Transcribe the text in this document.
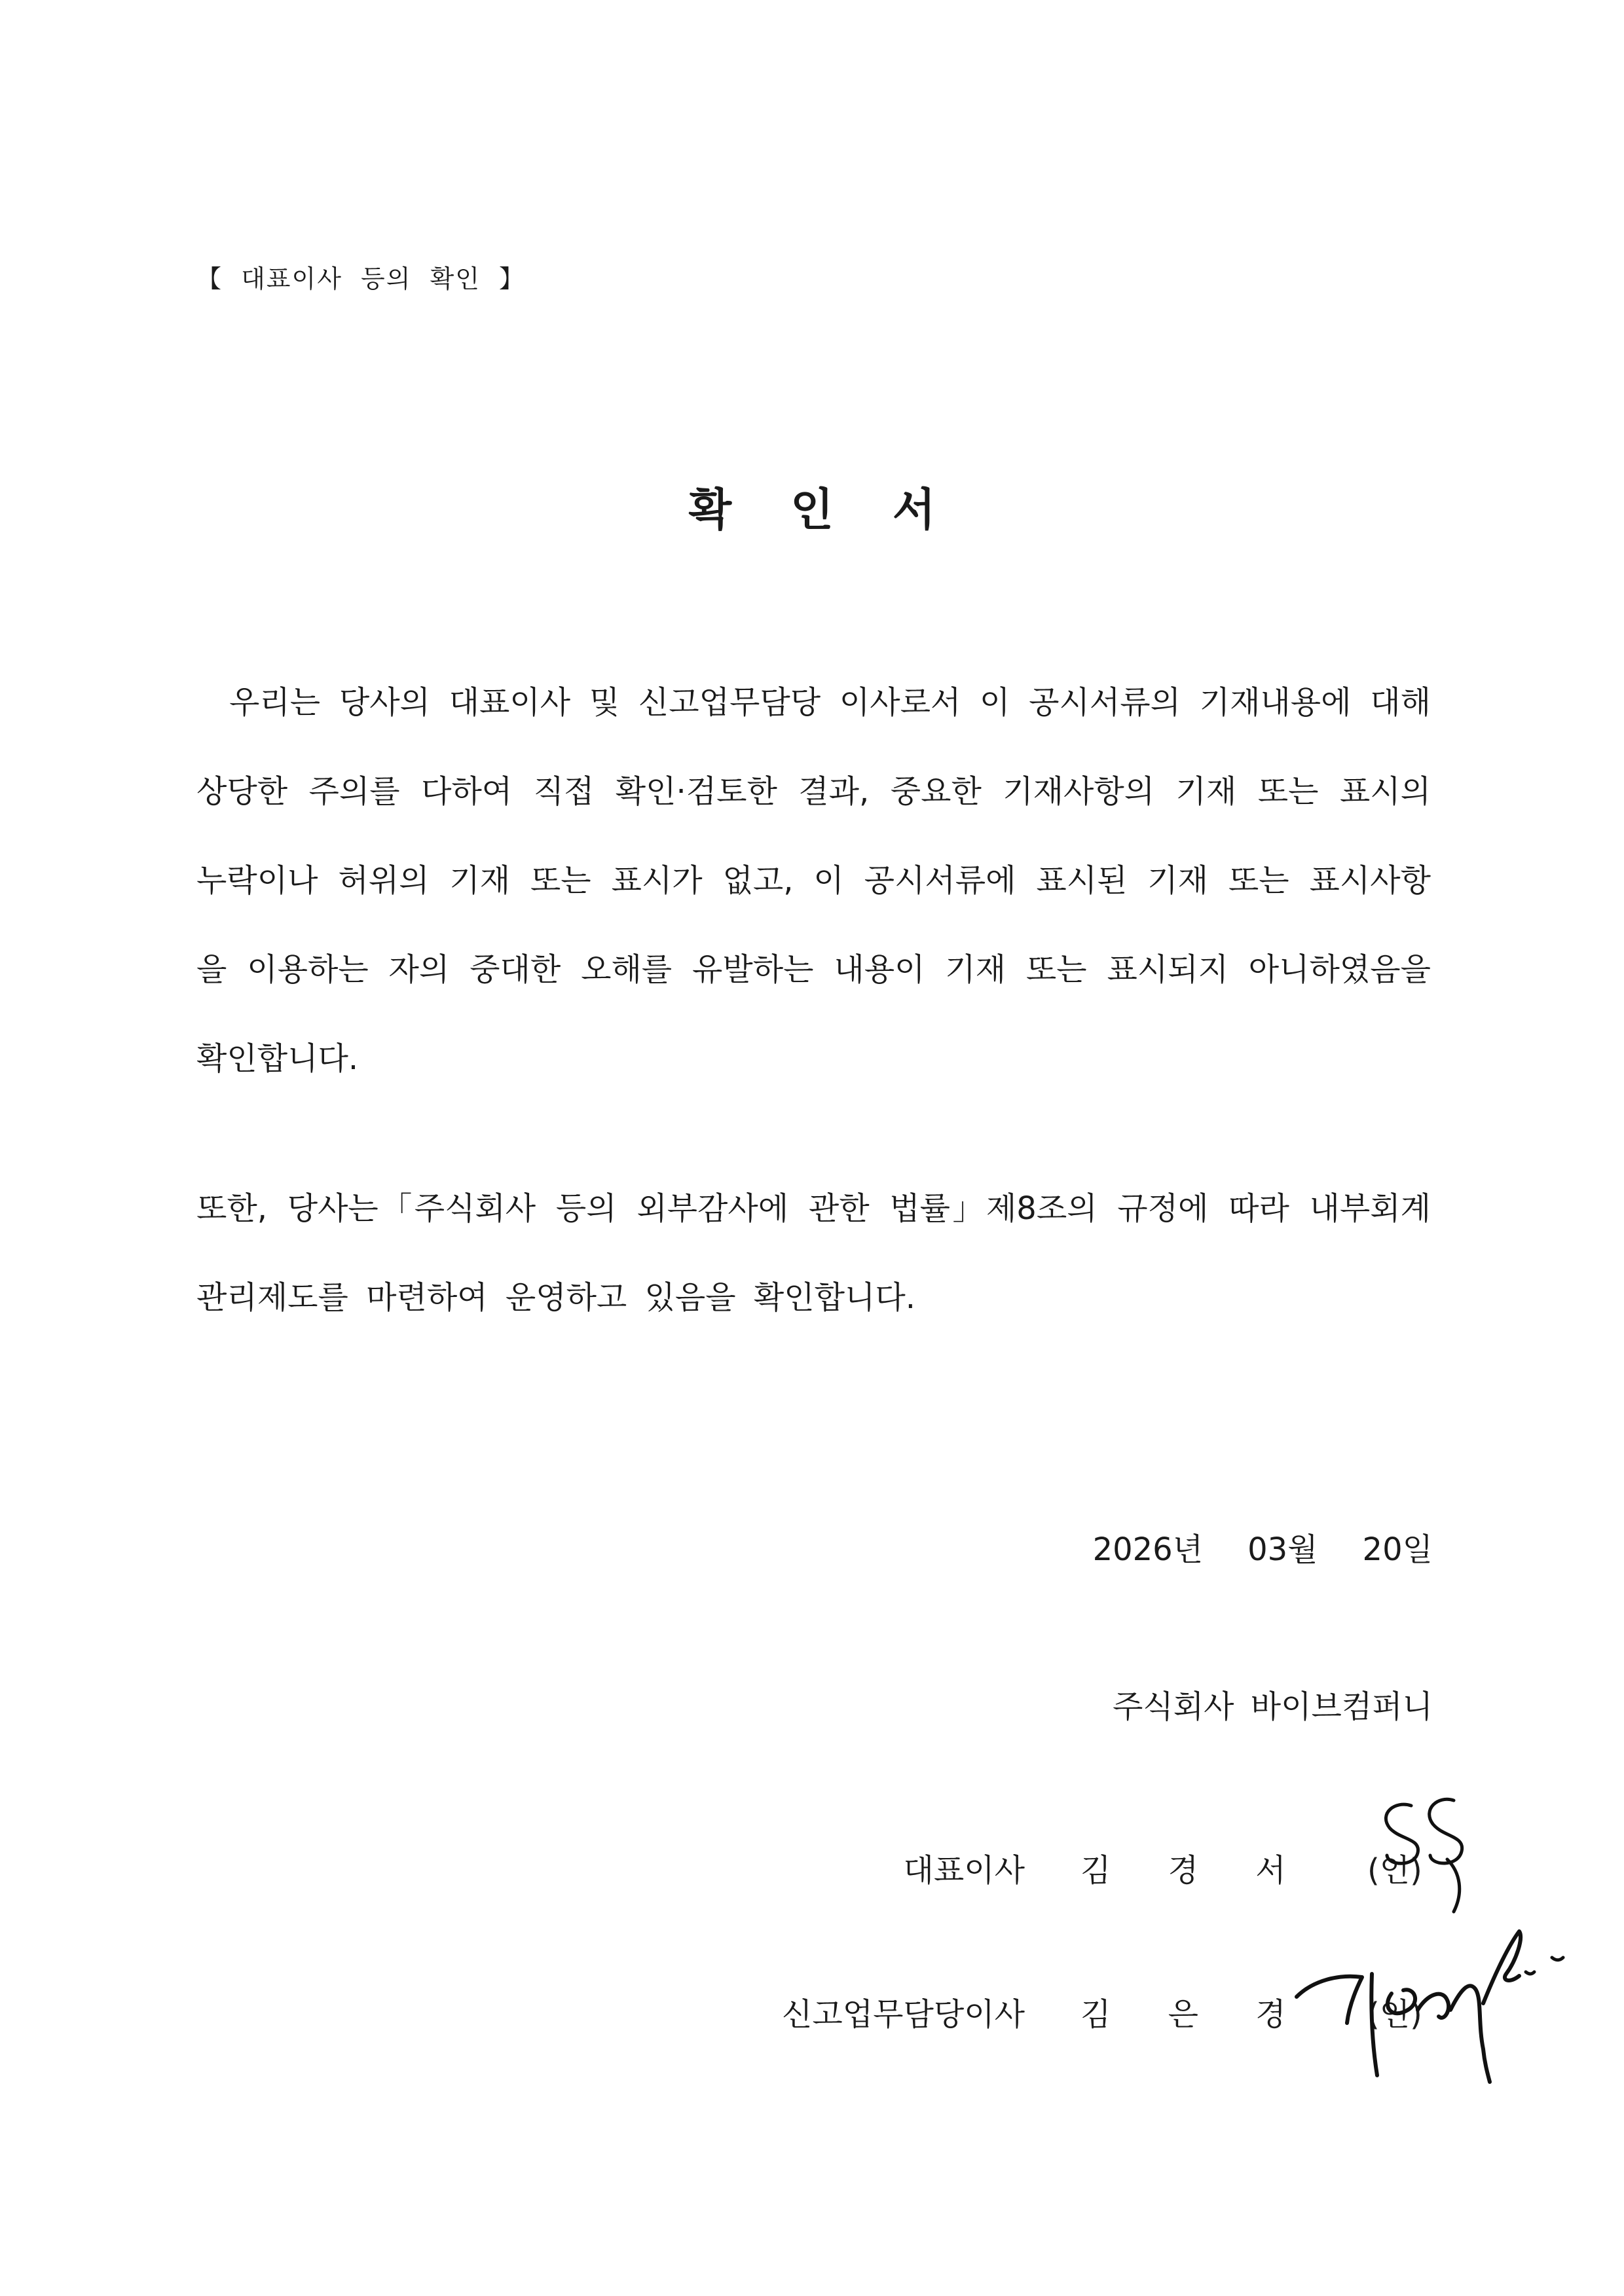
【 대표이사 등의 확인 】
확 인 서

우리는 당사의 대표이사 및 신고업무담당 이사로서 이 공시서류의 기재내용에 대해 상당한 주의를 다하여 직접 확인·검토한 결과, 중요한 기재사항의 기재 또는 표시의 누락이나 허위의 기재 또는 표시가 없고, 이 공시서류에 표시된 기재 또는 표시사항을 이용하는 자의 중대한 오해를 유발하는 내용이 기재 또는 표시되지 아니하였음을 확인합니다.

또한, 당사는「주식회사 등의 외부감사에 관한 법률」제8조의 규정에 따라 내부회계관리제도를 마련하여 운영하고 있음을 확인합니다.

2026년 03월 20일
주식회사 바이브컴퍼니
대표이사 김 경 서 (인)
신고업무담당이사 김 은 경 (인)
